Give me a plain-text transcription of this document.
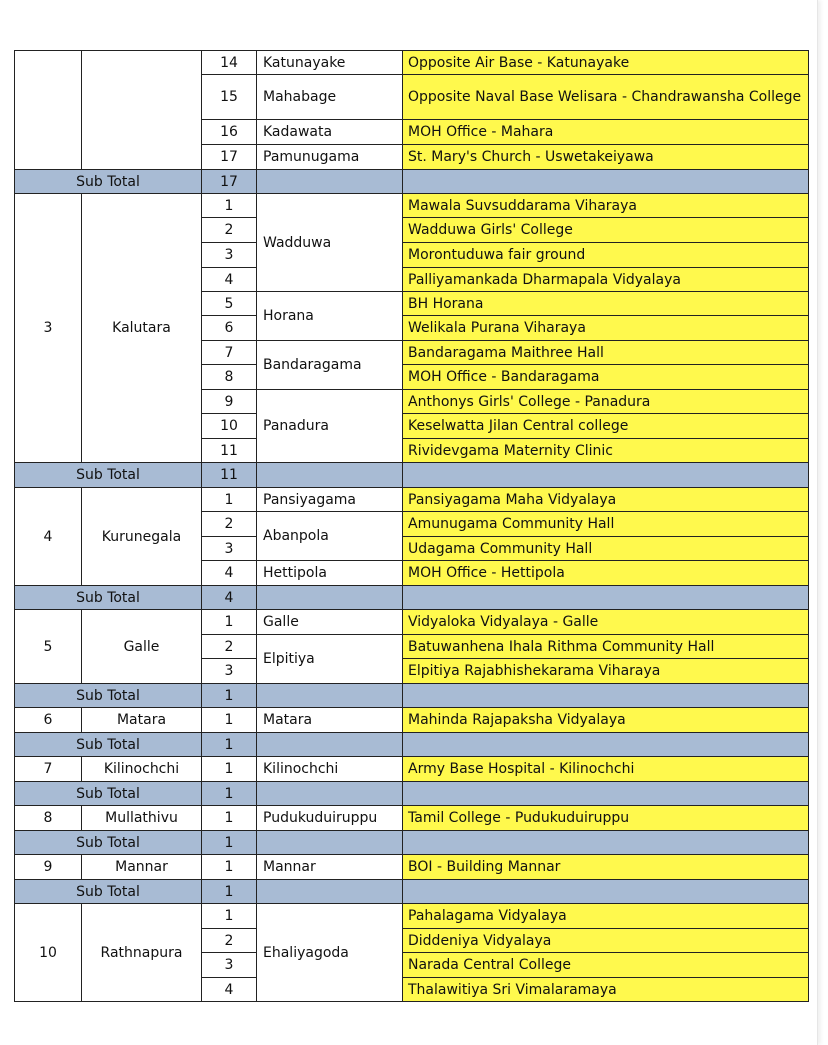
		14	Katunayake	Opposite Air Base - Katunayake
		15	Mahabage	Opposite Naval Base Welisara - Chandrawansha College
		16	Kadawata	MOH Office - Mahara
		17	Pamunugama	St. Mary's Church - Uswetakeiyawa
Sub Total		17		
3	Kalutara	1	Wadduwa	Mawala Suvsuddarama Viharaya
		2		Wadduwa Girls' College
		3		Morontuduwa fair ground
		4		Palliyamankada Dharmapala Vidyalaya
		5	Horana	BH Horana
		6		Welikala Purana Viharaya
		7	Bandaragama	Bandaragama Maithree Hall
		8		MOH Office - Bandaragama
		9	Panadura	Anthonys Girls' College - Panadura
		10		Keselwatta Jilan Central college
		11		Rividevgama Maternity Clinic
Sub Total		11		
4	Kurunegala	1	Pansiyagama	Pansiyagama Maha Vidyalaya
		2	Abanpola	Amunugama Community Hall
		3		Udagama Community Hall
		4	Hettipola	MOH Office - Hettipola
Sub Total		4		
5	Galle	1	Galle	Vidyaloka Vidyalaya - Galle
		2	Elpitiya	Batuwanhena Ihala Rithma Community Hall
		3		Elpitiya Rajabhishekarama Viharaya
Sub Total		1		
6	Matara	1	Matara	Mahinda Rajapaksha Vidyalaya
Sub Total		1		
7	Kilinochchi	1	Kilinochchi	Army Base Hospital - Kilinochchi
Sub Total		1		
8	Mullathivu	1	Pudukuduiruppu	Tamil College - Pudukuduiruppu
Sub Total		1		
9	Mannar	1	Mannar	BOI - Building Mannar
Sub Total		1		
10	Rathnapura	1	Ehaliyagoda	Pahalagama Vidyalaya
		2		Diddeniya Vidyalaya
		3		Narada Central College
		4		Thalawitiya Sri Vimalaramaya
